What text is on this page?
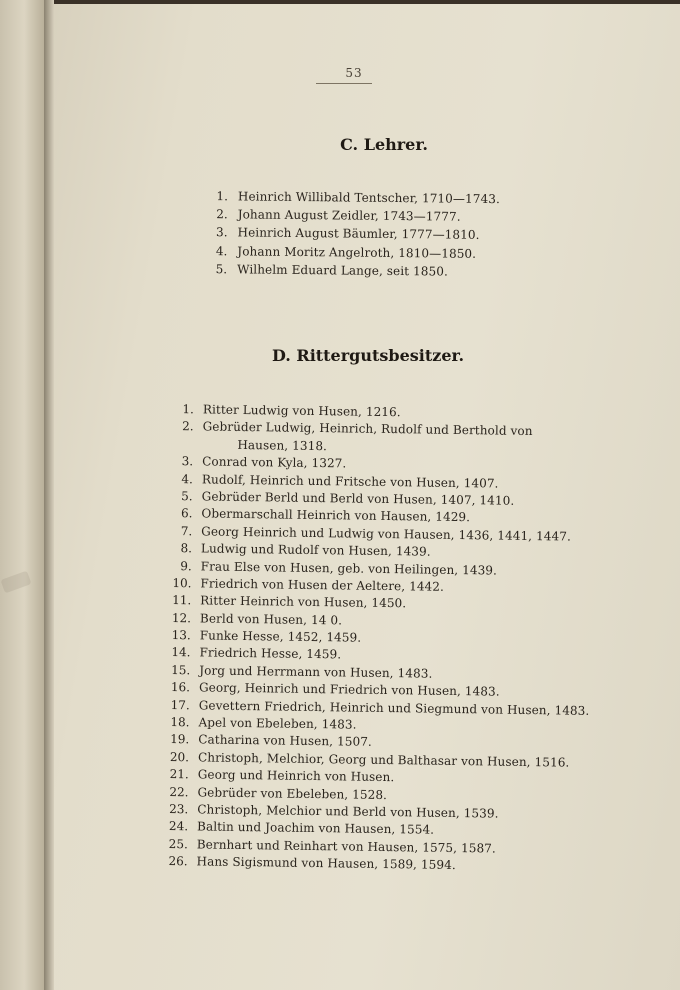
53
C. Lehrer.
1. Heinrich Willibald Tentscher, 1710—1743.
2. Johann August Zeidler, 1743—1777.
3. Heinrich August Bäumler, 1777—1810.
4. Johann Moritz Angelroth, 1810—1850.
5. Wilhelm Eduard Lange, seit 1850.
D. Rittergutsbesitzer.
1. Ritter Ludwig von Husen, 1216.
2. Gebrüder Ludwig, Heinrich, Rudolf und Berthold von
Hausen, 1318.
3. Conrad von Kyla, 1327.
4. Rudolf, Heinrich und Fritsche von Husen, 1407.
5. Gebrüder Berld und Berld von Husen, 1407, 1410.
6. Obermarschall Heinrich von Hausen, 1429.
7. Georg Heinrich und Ludwig von Hausen, 1436, 1441, 1447.
8. Ludwig und Rudolf von Husen, 1439.
9. Frau Else von Husen, geb. von Heilingen, 1439.
10. Friedrich von Husen der Aeltere, 1442.
11. Ritter Heinrich von Husen, 1450.
12. Berld von Husen, 14 0.
13. Funke Hesse, 1452, 1459.
14. Friedrich Hesse, 1459.
15. Jorg und Herrmann von Husen, 1483.
16. Georg, Heinrich und Friedrich von Husen, 1483.
17. Gevettern Friedrich, Heinrich und Siegmund von Husen, 1483.
18. Apel von Ebeleben, 1483.
19. Catharina von Husen, 1507.
20. Christoph, Melchior, Georg und Balthasar von Husen, 1516.
21. Georg und Heinrich von Husen.
22. Gebrüder von Ebeleben, 1528.
23. Christoph, Melchior und Berld von Husen, 1539.
24. Baltin und Joachim von Hausen, 1554.
25. Bernhart und Reinhart von Hausen, 1575, 1587.
26. Hans Sigismund von Hausen, 1589, 1594.
